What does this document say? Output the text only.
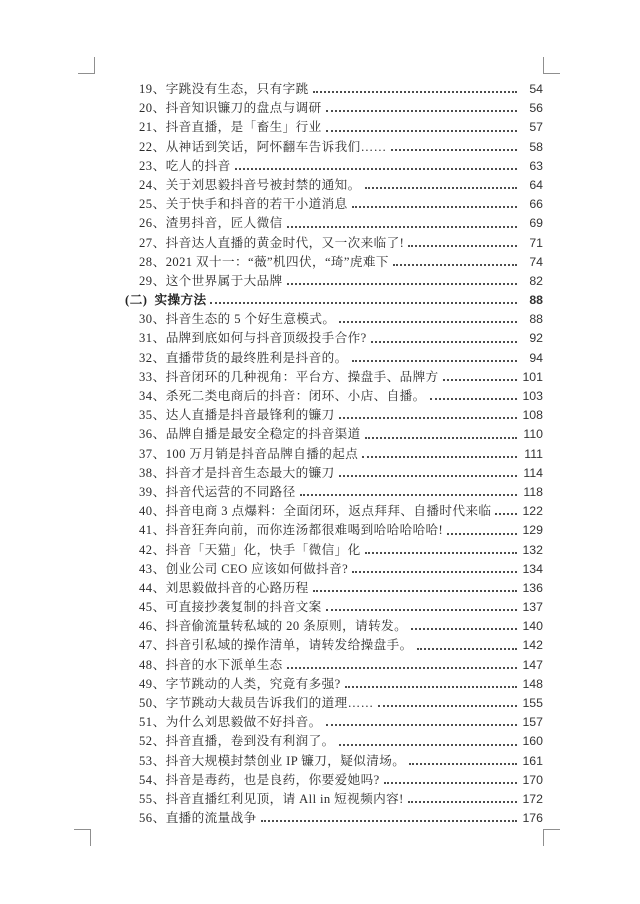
19、 字跳没有生态，只有字跳	54
20、 抖音知识镰刀的盘点与调研	56
21、 抖音直播，是「畜生」行业	57
22、 从神话到笑话，阿怀翻车告诉我们……	58
23、 吃人的抖音	63
24、 关于刘思毅抖音号被封禁的通知。	64
25、 关于快手和抖音的若干小道消息	66
26、 渣男抖音，匠人微信	69
27、 抖音达人直播的黄金时代，又一次来临了!	71
28、 2021 双十一：“薇”机四伏，“琦”虎难下	74
29、 这个世界属于大品牌	82
(二) 实操方法	88
30、 抖音生态的 5 个好生意模式。	88
31、 品牌到底如何与抖音顶级投手合作?	92
32、 直播带货的最终胜利是抖音的。	94
33、 抖音闭环的几种视角：平台方、操盘手、品牌方	101
34、 杀死二类电商后的抖音：闭环、小店、自播。	103
35、 达人直播是抖音最锋利的镰刀	108
36、 品牌自播是最安全稳定的抖音渠道	110
37、 100 万月销是抖音品牌自播的起点	111
38、 抖音才是抖音生态最大的镰刀	114
39、 抖音代运营的不同路径	118
40、 抖音电商 3 点爆料：全面闭环，返点拜拜、自播时代来临	122
41、 抖音狂奔向前，而你连汤都很难喝到哈哈哈哈哈!	129
42、 抖音「天猫」化，快手「微信」化	132
43、 创业公司 CEO 应该如何做抖音?	134
44、 刘思毅做抖音的心路历程	136
45、 可直接抄袭复制的抖音文案	137
46、 抖音偷流量转私域的 20 条原则，请转发。	140
47、 抖音引私域的操作清单，请转发给操盘手。	142
48、 抖音的水下派单生态	147
49、 字节跳动的人类，究竟有多强?	148
50、 字节跳动大裁员告诉我们的道理……	155
51、 为什么刘思毅做不好抖音。	157
52、 抖音直播，卷到没有利润了。	160
53、 抖音大规模封禁创业 IP 镰刀，疑似清场。	161
54、 抖音是毒药，也是良药，你要爱她吗?	170
55、 抖音直播红利见顶，请 All in 短视频内容!	172
56、 直播的流量战争	176
